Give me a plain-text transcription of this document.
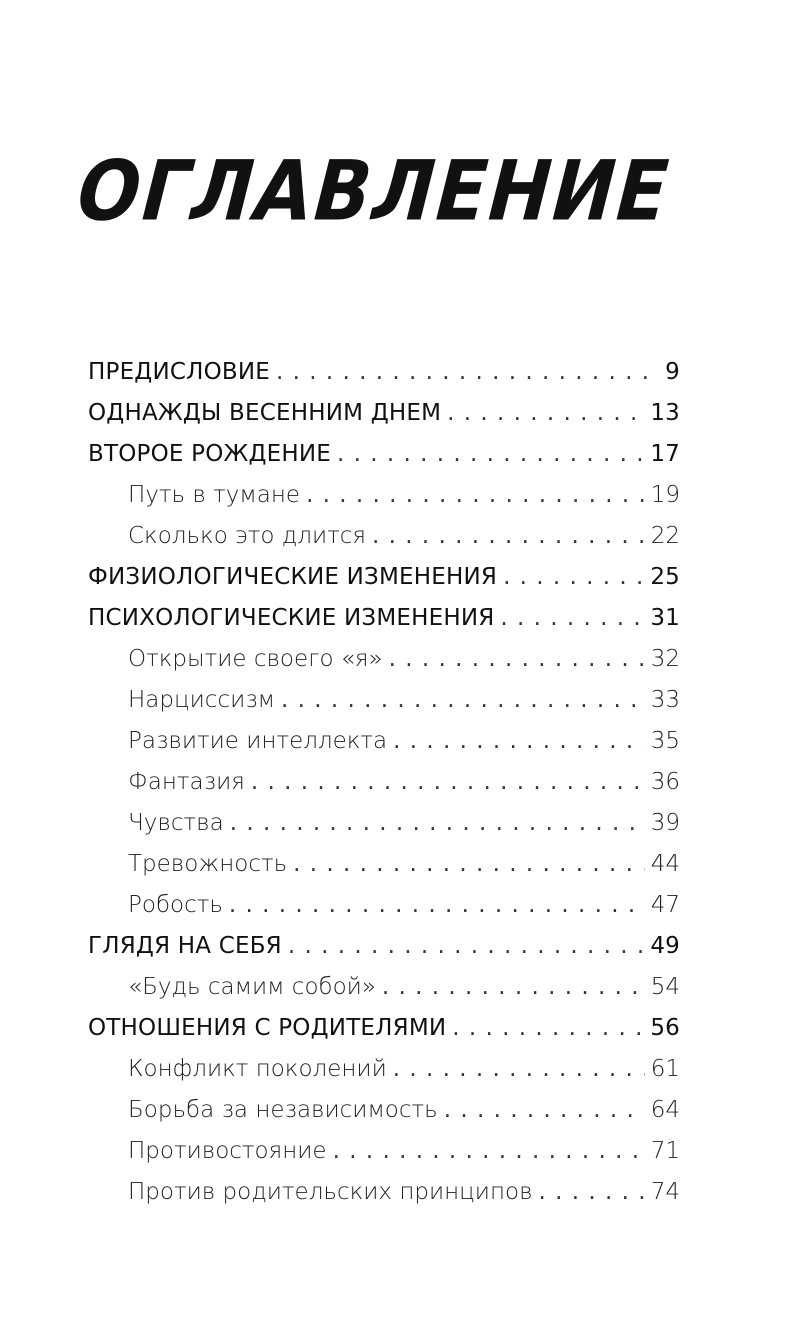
ОГЛАВЛЕНИЕ
ПРЕДИСЛОВИЕ . . .	9
ОДНАЖДЫ ВЕСЕННИМ ДНЕМ . . .	13
ВТОРОЕ РОЖДЕНИЕ . . .	17
Путь в тумане . . .	19
Сколько это длится . . .	22
ФИЗИОЛОГИЧЕСКИЕ ИЗМЕНЕНИЯ . . .	25
ПСИХОЛОГИЧЕСКИЕ ИЗМЕНЕНИЯ . . .	31
Открытие своего «я» . . .	32
Нарциссизм . . .	33
Развитие интеллекта . . .	35
Фантазия . . .	36
Чувства . . .	39
Тревожность . . .	44
Робость . . .	47
ГЛЯДЯ НА СЕБЯ . . .	49
«Будь самим собой» . . .	54
ОТНОШЕНИЯ С РОДИТЕЛЯМИ . . .	56
Конфликт поколений . . .	61
Борьба за независимость . . .	64
Противостояние . . .	71
Против родительских принципов . . .	74
